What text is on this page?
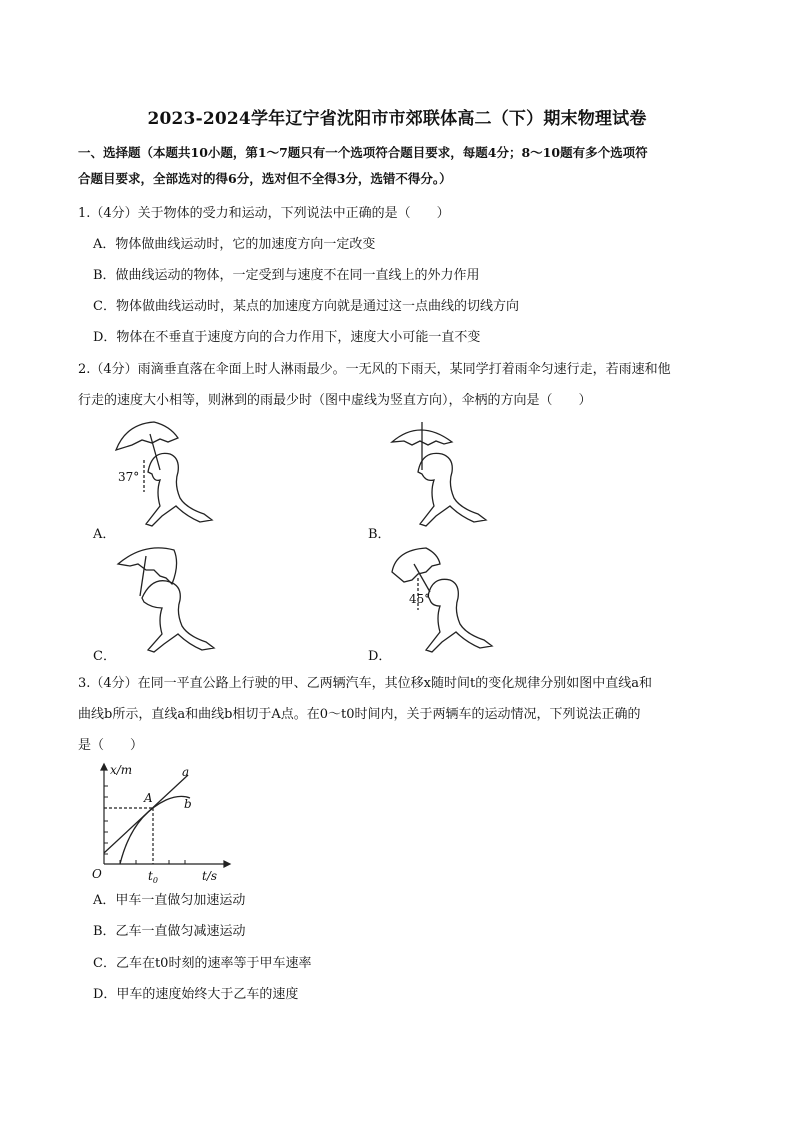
2023-2024学年辽宁省沈阳市市郊联体高二（下）期末物理试卷
一、选择题（本题共10小题，第1～7题只有一个选项符合题目要求，每题4分；8～10题有多个选项符
合题目要求，全部选对的得6分，选对但不全得3分，选错不得分。）
1.（4分）关于物体的受力和运动，下列说法中正确的是（　　）
A．物体做曲线运动时，它的加速度方向一定改变
B．做曲线运动的物体，一定受到与速度不在同一直线上的外力作用
C．物体做曲线运动时，某点的加速度方向就是通过这一点曲线的切线方向
D．物体在不垂直于速度方向的合力作用下，速度大小可能一直不变
2.（4分）雨滴垂直落在伞面上时人淋雨最少。一无风的下雨天，某同学打着雨伞匀速行走，若雨速和他
行走的速度大小相等，则淋到的雨最少时（图中虚线为竖直方向），伞柄的方向是（　　）
37°
A．	B．
C．
45°
D．
3.（4分）在同一平直公路上行驶的甲、乙两辆汽车，其位移x随时间t的变化规律分别如图中直线a和
曲线b所示，直线a和曲线b相切于A点。在0～t0时间内，关于两辆车的运动情况，下列说法正确的
是（　　）
x/m	a
b
A
O	$t_0$	t/s
A．甲车一直做匀加速运动
B．乙车一直做匀减速运动
C．乙车在t0时刻的速率等于甲车速率
D．甲车的速度始终大于乙车的速度
